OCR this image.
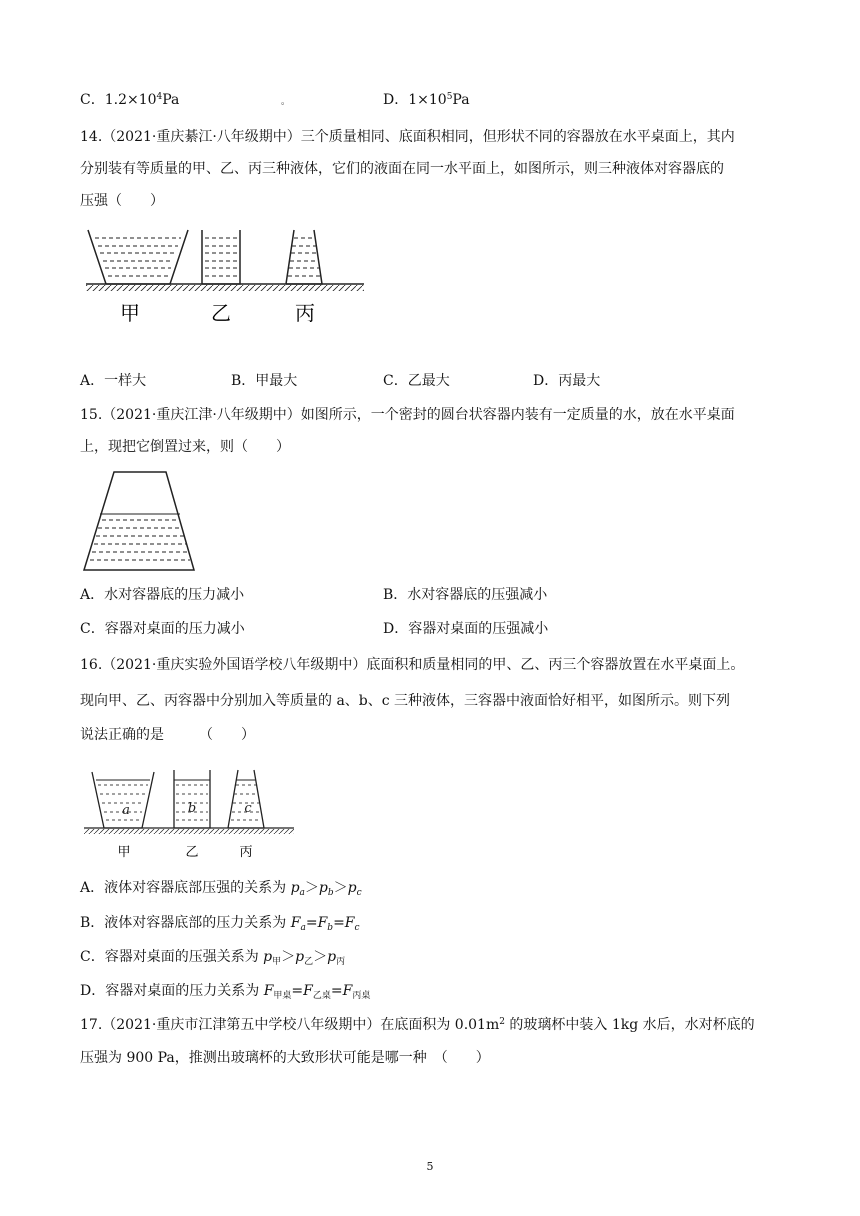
C．$1.2\times 10^4Pa$	。	D．$1\times 10^5Pa$
14.（2021·重庆綦江·八年级期中）三个质量相同、底面积相同，但形状不同的容器放在水平桌面上，其内
分别装有等质量的甲、乙、丙三种液体，它们的液面在同一水平面上，如图所示，则三种液体对容器底的
压强（　　）
甲	乙	丙
A．一样大	B．甲最大	C．乙最大	D．丙最大
15.（2021·重庆江津·八年级期中）如图所示，一个密封的圆台状容器内装有一定质量的水，放在水平桌面
上，现把它倒置过来，则（　　）
A．水对容器底的压力减小	B．水对容器底的压强减小
C．容器对桌面的压力减小	D．容器对桌面的压强减小
16.（2021·重庆实验外国语学校八年级期中）底面积和质量相同的甲、乙、丙三个容器放置在水平桌面上。
现向甲、乙、丙容器中分别加入等质量的 a、b、c 三种液体，三容器中液面恰好相平，如图所示。则下列
说法正确的是　　　（　　）
a	b	c
甲	乙	丙
A．液体对容器底部压强的关系为 $p_a>p_b>p_c$
B．液体对容器底部的压力关系为 $F_a=F_b=F_c$
C．容器对桌面的压强关系为 $p_甲>p_乙>p_丙$
D．容器对桌面的压力关系为 $F_{甲桌}=F_{乙桌}=F_{丙桌}$
17.（2021·重庆市江津第五中学校八年级期中）在底面积为 $0.01m^2$ 的玻璃杯中装入 1kg 水后，水对杯底的
压强为 900 Pa，推测出玻璃杯的大致形状可能是哪一种　（　　）
5
